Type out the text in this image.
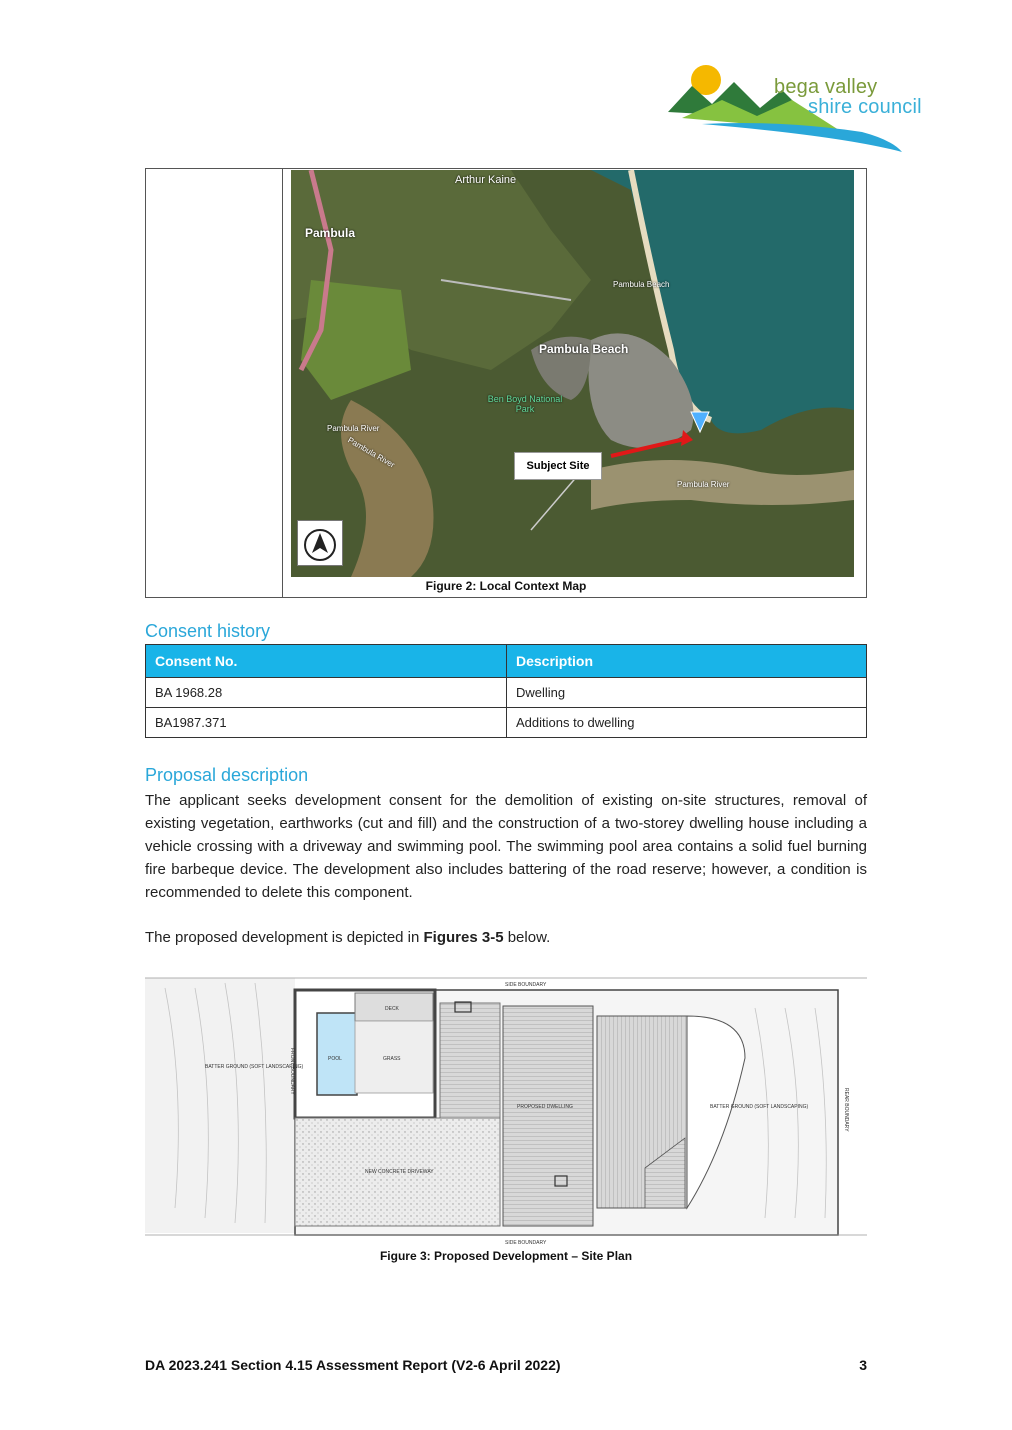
bega valley
shire council
Arthur Kaine
Pambula
Pambula Beach
Pambula Beach
Ben Boyd National Park
Pambula River
Pambula River
Pambula River
Subject Site
Figure 2: Local Context Map
Consent history
Consent No.	Description
BA 1968.28	Dwelling
BA1987.371	Additions to dwelling
Proposal description

The applicant seeks development consent for the demolition of existing on-site structures, removal of existing vegetation, earthworks (cut and fill) and the construction of a two-storey dwelling house including a vehicle crossing with a driveway and swimming pool. The swimming pool area contains a solid fuel burning fire barbeque device. The development also includes battering of the road reserve; however, a condition is recommended to delete this component.

The proposed development is depicted in Figures 3-5 below.

POOL
DECK
GRASS
PROPOSED DWELLING
BATTER GROUND (SOFT LANDSCAPING)
BATTER GROUND (SOFT LANDSCAPING)
NEW CONCRETE DRIVEWAY
SIDE BOUNDARY
SIDE BOUNDARY
FRONT BOUNDARY
REAR BOUNDARY
Figure 3: Proposed Development – Site Plan
DA 2023.241 Section 4.15 Assessment Report (V2-6 April 2022)	3
